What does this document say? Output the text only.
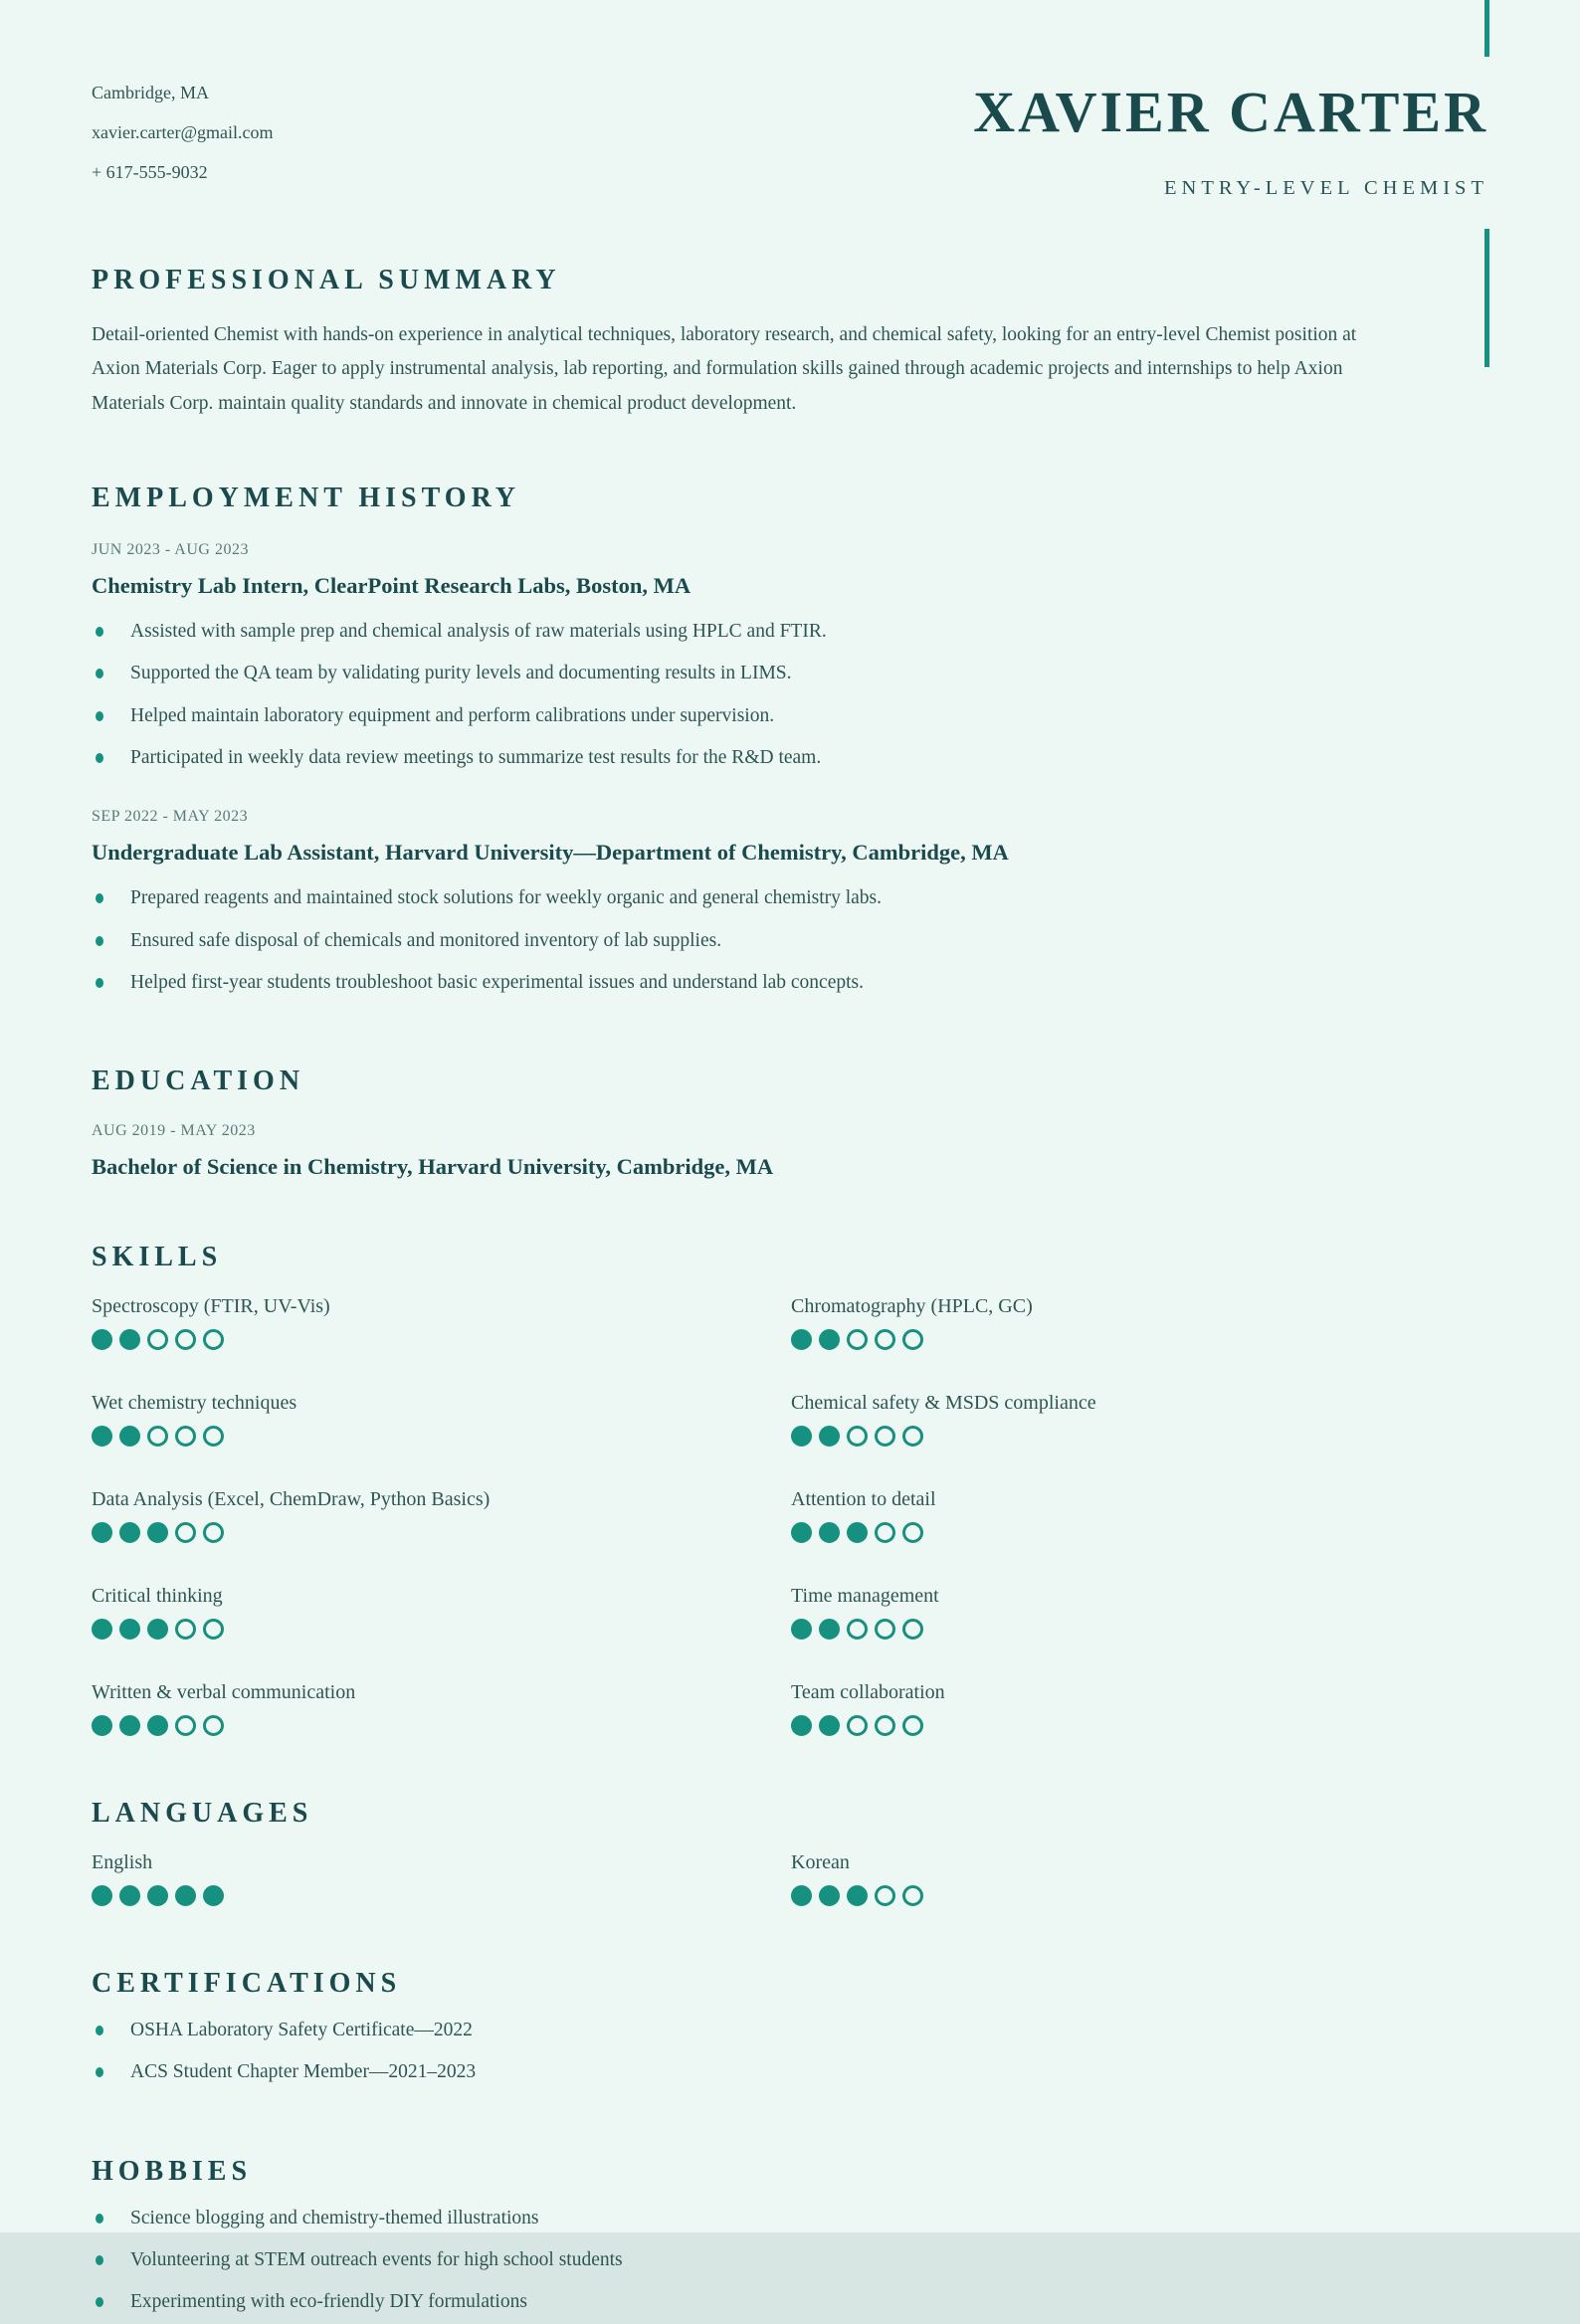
Cambridge, MA
xavier.carter@gmail.com
+ 617-555-9032
XAVIER CARTER
ENTRY-LEVEL CHEMIST
PROFESSIONAL SUMMARY

Detail-oriented Chemist with hands-on experience in analytical techniques, laboratory research, and chemical safety, looking for an entry-level Chemist position at Axion Materials Corp. Eager to apply instrumental analysis, lab reporting, and formulation skills gained through academic projects and internships to help Axion Materials Corp. maintain quality standards and innovate in chemical product development.

EMPLOYMENT HISTORY
JUN 2023 - AUG 2023
Chemistry Lab Intern, ClearPoint Research Labs, Boston, MA
Assisted with sample prep and chemical analysis of raw materials using HPLC and FTIR.
Supported the QA team by validating purity levels and documenting results in LIMS.
Helped maintain laboratory equipment and perform calibrations under supervision.
Participated in weekly data review meetings to summarize test results for the R&D team.
SEP 2022 - MAY 2023
Undergraduate Lab Assistant, Harvard University—Department of Chemistry, Cambridge, MA
Prepared reagents and maintained stock solutions for weekly organic and general chemistry labs.
Ensured safe disposal of chemicals and monitored inventory of lab supplies.
Helped first-year students troubleshoot basic experimental issues and understand lab concepts.
EDUCATION
AUG 2019 - MAY 2023
Bachelor of Science in Chemistry, Harvard University, Cambridge, MA
SKILLS
Spectroscopy (FTIR, UV-Vis)	Chromatography (HPLC, GC)
Wet chemistry techniques	Chemical safety & MSDS compliance
Data Analysis (Excel, ChemDraw, Python Basics)	Attention to detail
Critical thinking	Time management
Written & verbal communication	Team collaboration
LANGUAGES
English	Korean
CERTIFICATIONS
OSHA Laboratory Safety Certificate—2022
ACS Student Chapter Member—2021–2023
HOBBIES
Science blogging and chemistry-themed illustrations
Volunteering at STEM outreach events for high school students
Experimenting with eco-friendly DIY formulations
